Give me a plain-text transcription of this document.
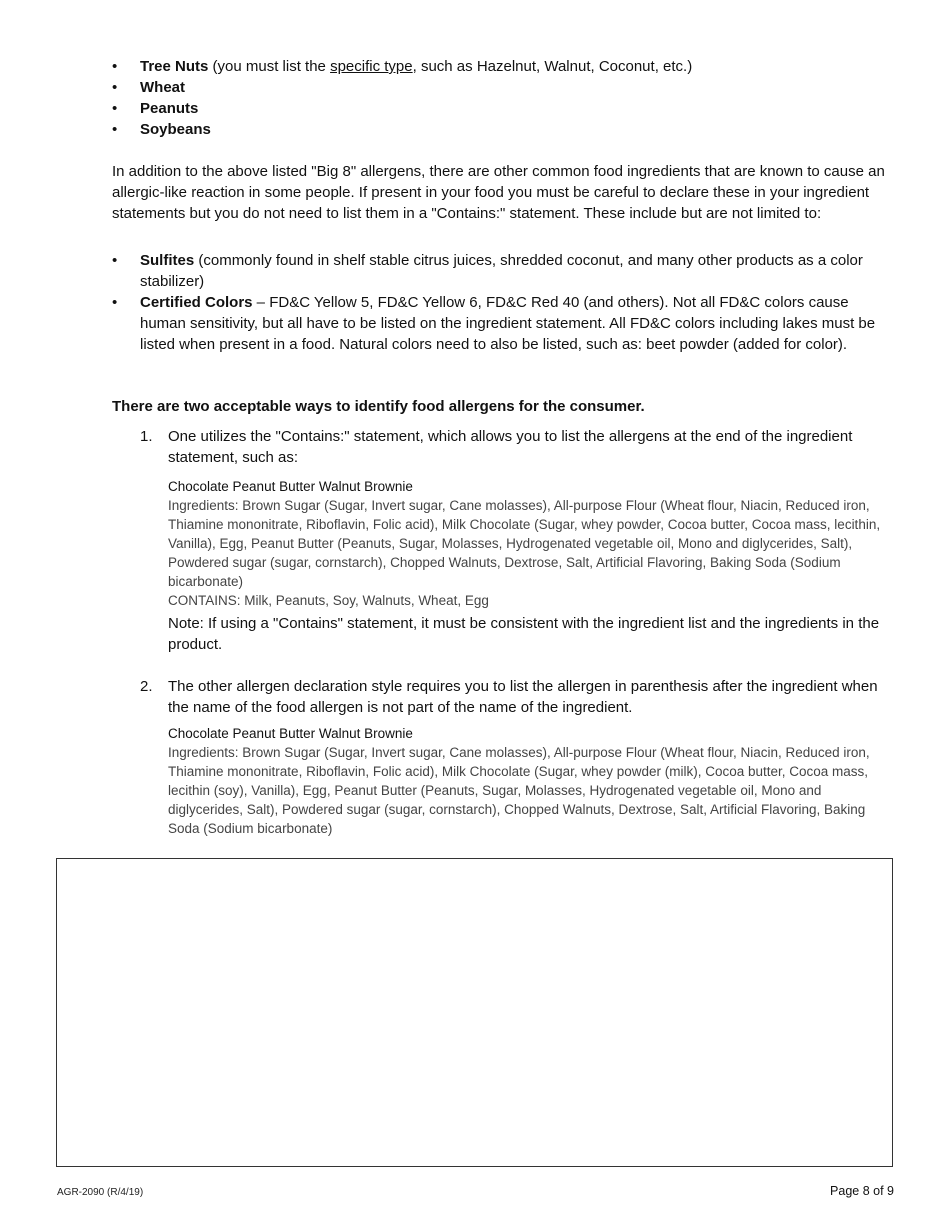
• Tree Nuts (you must list the specific type, such as Hazelnut, Walnut, Coconut, etc.)
• Wheat
• Peanuts
• Soybeans
In addition to the above listed "Big 8" allergens, there are other common food ingredients that are known to cause an allergic-like reaction in some people. If present in your food you must be careful to declare these in your ingredient statements but you do not need to list them in a "Contains:" statement. These include but are not limited to:
• Sulfites (commonly found in shelf stable citrus juices, shredded coconut, and many other products as a color stabilizer)
• Certified Colors – FD&C Yellow 5, FD&C Yellow 6, FD&C Red 40 (and others). Not all FD&C colors cause human sensitivity, but all have to be listed on the ingredient statement. All FD&C colors including lakes must be listed when present in a food. Natural colors need to also be listed, such as: beet powder (added for color).
There are two acceptable ways to identify food allergens for the consumer.
1. One utilizes the "Contains:" statement, which allows you to list the allergens at the end of the ingredient statement, such as:
Chocolate Peanut Butter Walnut Brownie
Ingredients: Brown Sugar (Sugar, Invert sugar, Cane molasses), All-purpose Flour (Wheat flour, Niacin, Reduced iron, Thiamine mononitrate, Riboflavin, Folic acid), Milk Chocolate (Sugar, whey powder, Cocoa butter, Cocoa mass, lecithin, Vanilla), Egg, Peanut Butter (Peanuts, Sugar, Molasses, Hydrogenated vegetable oil, Mono and diglycerides, Salt), Powdered sugar (sugar, cornstarch), Chopped Walnuts, Dextrose, Salt, Artificial Flavoring, Baking Soda (Sodium bicarbonate)
CONTAINS: Milk, Peanuts, Soy, Walnuts, Wheat, Egg
Note: If using a "Contains" statement, it must be consistent with the ingredient list and the ingredients in the product.
2. The other allergen declaration style requires you to list the allergen in parenthesis after the ingredient when the name of the food allergen is not part of the name of the ingredient.
Chocolate Peanut Butter Walnut Brownie
Ingredients: Brown Sugar (Sugar, Invert sugar, Cane molasses), All-purpose Flour (Wheat flour, Niacin, Reduced iron, Thiamine mononitrate, Riboflavin, Folic acid), Milk Chocolate (Sugar, whey powder (milk), Cocoa butter, Cocoa mass, lecithin (soy), Vanilla), Egg, Peanut Butter (Peanuts, Sugar, Molasses, Hydrogenated vegetable oil, Mono and diglycerides, Salt), Powdered sugar (sugar, cornstarch), Chopped Walnuts, Dextrose, Salt, Artificial Flavoring, Baking Soda (Sodium bicarbonate)
AGR-2090 (R/4/19)	Page 8 of 9
